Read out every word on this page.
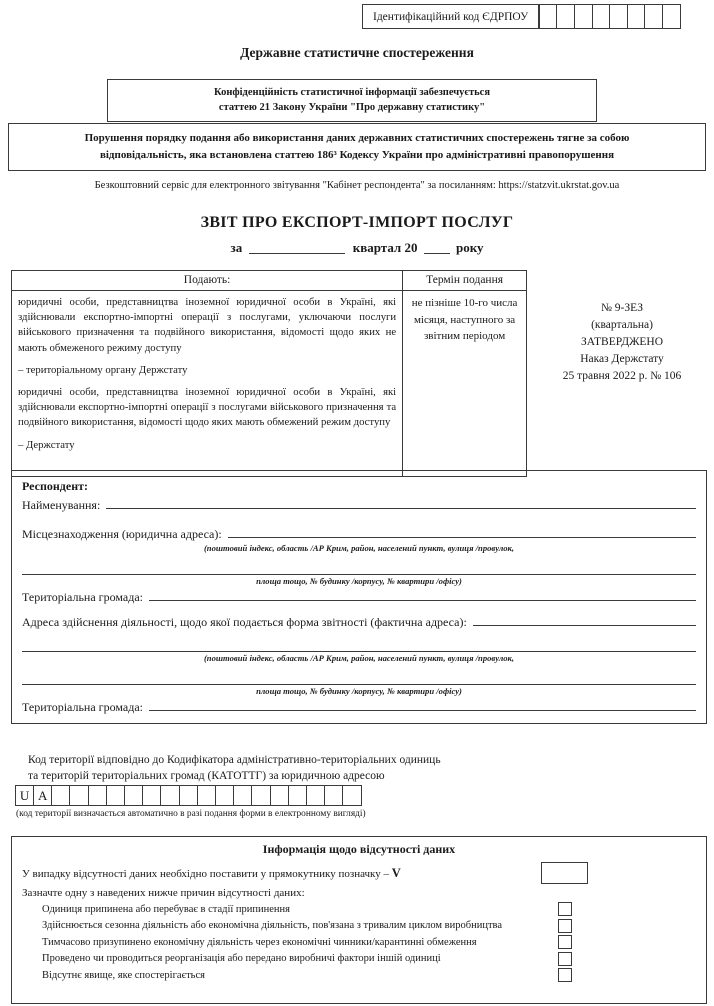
Ідентифікаційний код ЄДРПОУ
Державне статистичне спостереження
Конфіденційність статистичної інформації забезпечується
статтею 21 Закону України "Про державну статистику"
Порушення порядку подання або використання даних державних статистичних спостережень тягне за собою
відповідальність, яка встановлена статтею 186³ Кодексу України про адміністративні правопорушення
Безкоштовний сервіс для електронного звітування "Кабінет респондента" за посиланням: https://statzvit.ukrstat.gov.ua
ЗВІТ ПРО ЕКСПОРТ-ІМПОРТ ПОСЛУГ
за	квартал 20	року
Подають:	Термін подання

юридичні особи, представництва іноземної юридичної особи в Україні, які здійснювали експортно-імпортні операції з послугами, уключаючи послуги військового призначення та подвійного використання, відомості щодо яких не мають обмеженого режиму доступу

– територіальному органу Держстату

юридичні особи, представництва іноземної юридичної особи в Україні, які здійснювали експортно-імпортні операції з послугами військового призначення та подвійного використання, відомості щодо яких мають обмежений режим доступу

– Держстату	не пізніше 10-го числа місяця, наступного за звітним періодом
№ 9-ЗЕЗ
(квартальна)
ЗАТВЕРДЖЕНО
Наказ Держстату
25 травня 2022 р. № 106
Респондент:
Найменування:
Місцезнаходження (юридична адреса):
(поштовий індекс, область /АР Крим, район, населений пункт, вулиця /провулок,
площа тощо, № будинку /корпусу, № квартири /офісу)
Територіальна громада:
Адреса здійснення діяльності, щодо якої подається форма звітності (фактична адреса):
(поштовий індекс, область /АР Крим, район, населений пункт, вулиця /провулок,
площа тощо, № будинку /корпусу, № квартири /офісу)
Територіальна громада:
Код території відповідно до Кодифікатора адміністративно-територіальних одиниць
та територій територіальних громад (КАТОТТГ) за юридичною адресою
U A
(код території визначається автоматично в разі подання форми в електронному вигляді)
Інформація щодо відсутності даних
У випадку відсутності даних необхідно поставити у прямокутнику позначку – V
Зазначте одну з наведених нижче причин відсутності даних:
Одиниця припинена або перебуває в стадії припинення
Здійснюється сезонна діяльність або економічна діяльність, пов'язана з тривалим циклом виробництва
Тимчасово призупинено економічну діяльність через економічні чинники/карантинні обмеження
Проведено чи проводиться реорганізація або передано виробничі фактори іншій одиниці
Відсутнє явище, яке спостерігається
